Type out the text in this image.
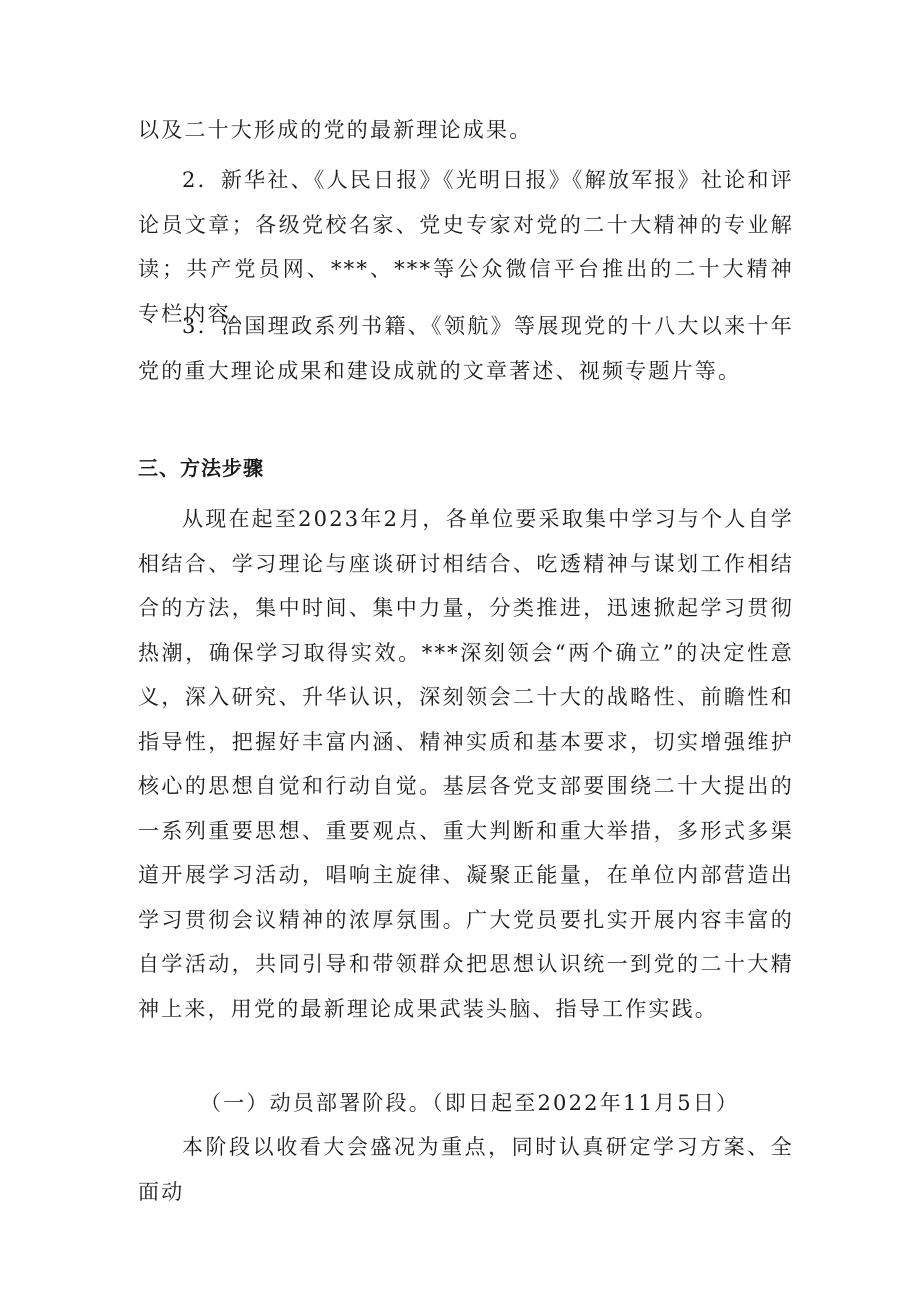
以及二十大形成的党的最新理论成果。

2．新华社、《人民日报》《光明日报》《解放军报》社论和评论员文章；各级党校名家、党史专家对党的二十大精神的专业解读；共产党员网、***、***等公众微信平台推出的二十大精神专栏内容。

3．治国理政系列书籍、《领航》等展现党的十八大以来十年党的重大理论成果和建设成就的文章著述、视频专题片等。

三、方法步骤

从现在起至2023年2月，各单位要采取集中学习与个人自学相结合、学习理论与座谈研讨相结合、吃透精神与谋划工作相结合的方法，集中时间、集中力量，分类推进，迅速掀起学习贯彻热潮，确保学习取得实效。***深刻领会“两个确立”的决定性意义，深入研究、升华认识，深刻领会二十大的战略性、前瞻性和指导性，把握好丰富内涵、精神实质和基本要求，切实增强维护核心的思想自觉和行动自觉。基层各党支部要围绕二十大提出的一系列重要思想、重要观点、重大判断和重大举措，多形式多渠道开展学习活动，唱响主旋律、凝聚正能量，在单位内部营造出学习贯彻会议精神的浓厚氛围。广大党员要扎实开展内容丰富的自学活动，共同引导和带领群众把思想认识统一到党的二十大精神上来，用党的最新理论成果武装头脑、指导工作实践。

（一）动员部署阶段。（即日起至2022年11月5日）

本阶段以收看大会盛况为重点，同时认真研定学习方案、全面动
